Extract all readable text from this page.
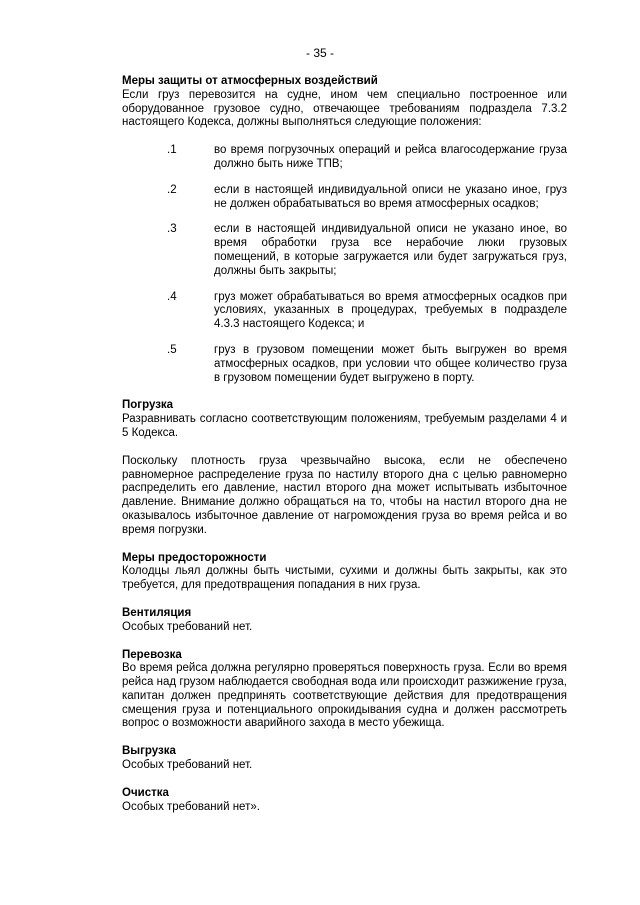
- 35 -

Меры защиты от атмосферных воздействий

Если груз перевозится на судне, ином чем специально построенное или оборудованное грузовое судно, отвечающее требованиям подраздела 7.3.2 настоящего Кодекса, должны выполняться следующие положения:

.1	во время погрузочных операций и рейса влагосодержание груза должно быть ниже ТПВ;
.2	если в настоящей индивидуальной описи не указано иное, груз не должен обрабатываться во время атмосферных осадков;
.3	если в настоящей индивидуальной описи не указано иное, во время обработки груза все нерабочие люки грузовых помещений, в которые загружается или будет загружаться груз, должны быть закрыты;
.4	груз может обрабатываться во время атмосферных осадков при условиях, указанных в процедурах, требуемых в подразделе 4.3.3 настоящего Кодекса; и
.5	груз в грузовом помещении может быть выгружен во время атмосферных осадков, при условии что общее количество груза в грузовом помещении будет выгружено в порту.

Погрузка

Разравнивать согласно соответствующим положениям, требуемым разделами 4 и 5 Кодекса.

Поскольку плотность груза чрезвычайно высока, если не обеспечено равномерное распределение груза по настилу второго дна с целью равномерно распределить его давление, настил второго дна может испытывать избыточное давление. Внимание должно обращаться на то, чтобы на настил второго дна не оказывалось избыточное давление от нагромождения груза во время рейса и во время погрузки.

Меры предосторожности

Колодцы льял должны быть чистыми, сухими и должны быть закрыты, как это требуется, для предотвращения попадания в них груза.

Вентиляция

Особых требований нет.

Перевозка

Во время рейса должна регулярно проверяться поверхность груза. Если во время рейса над грузом наблюдается свободная вода или происходит разжижение груза, капитан должен предпринять соответствующие действия для предотвращения смещения груза и потенциального опрокидывания судна и должен рассмотреть вопрос о возможности аварийного захода в место убежища.

Выгрузка

Особых требований нет.

Очистка

Особых требований нет».
